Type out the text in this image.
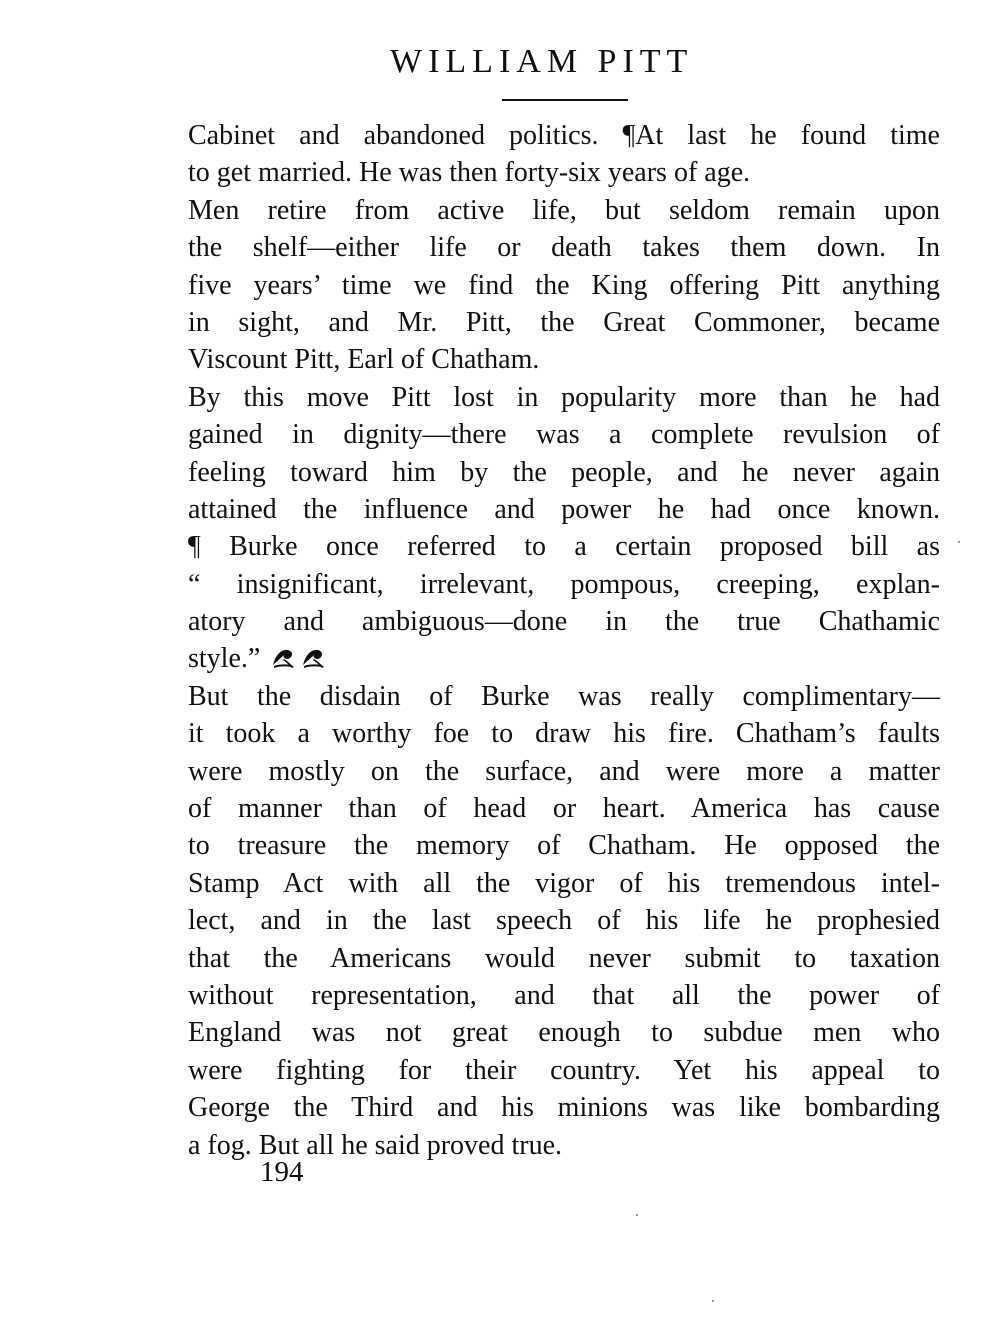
WILLIAM PITT
Cabinet and abandoned politics. ¶At last he found time
to get married. He was then forty-six years of age.
Men retire from active life, but seldom remain upon
the shelf—either life or death takes them down. In
five years’ time we find the King offering Pitt anything
in sight, and Mr. Pitt, the Great Commoner, became
Viscount Pitt, Earl of Chatham.
By this move Pitt lost in popularity more than he had
gained in dignity—there was a complete revulsion of
feeling toward him by the people, and he never again
attained the influence and power he had once known.
¶ Burke once referred to a certain proposed bill as
“ insignificant, irrelevant, pompous, creeping, explan-
atory and ambiguous—done in the true Chathamic
style.”
But the disdain of Burke was really complimentary—
it took a worthy foe to draw his fire. Chatham’s faults
were mostly on the surface, and were more a matter
of manner than of head or heart. America has cause
to treasure the memory of Chatham. He opposed the
Stamp Act with all the vigor of his tremendous intel-
lect, and in the last speech of his life he prophesied
that the Americans would never submit to taxation
without representation, and that all the power of
England was not great enough to subdue men who
were fighting for their country. Yet his appeal to
George the Third and his minions was like bombarding
a fog. But all he said proved true.
194
